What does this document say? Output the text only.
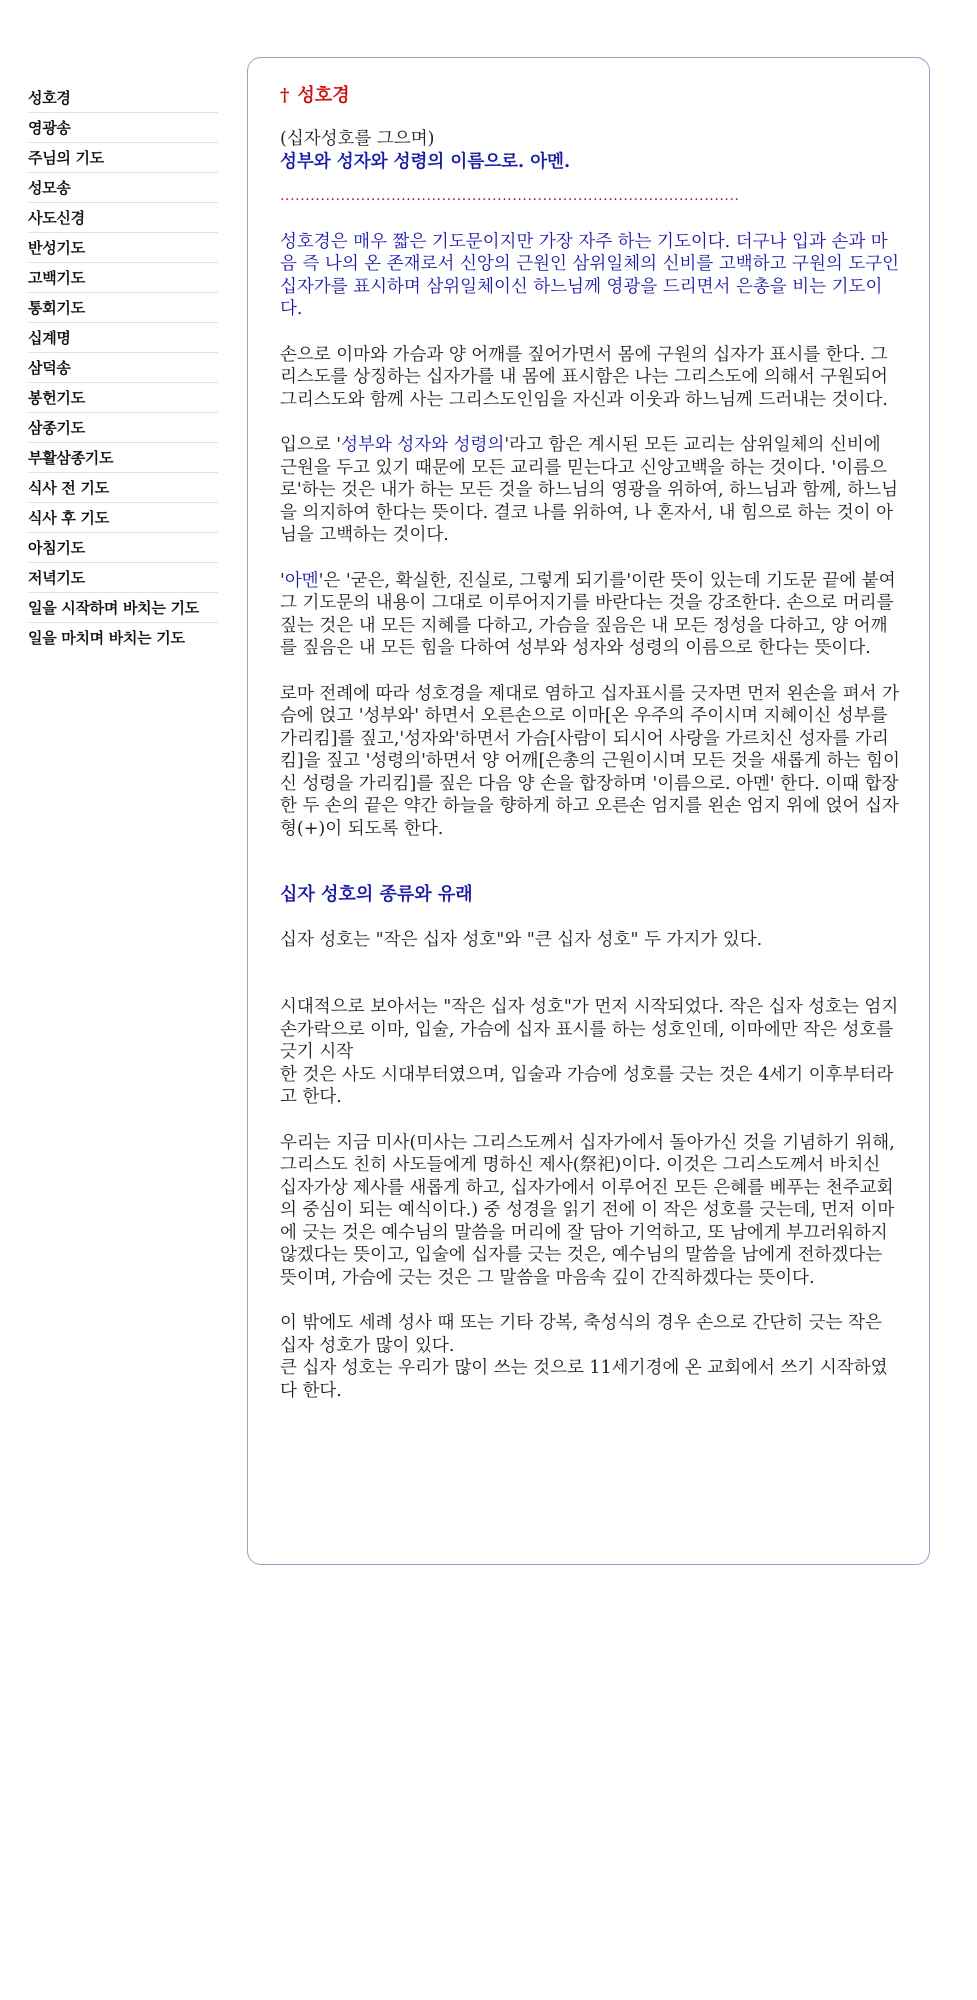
성호경
영광송
주님의 기도
성모송
사도신경
반성기도
고백기도
통회기도
십계명
삼덕송
봉헌기도
삼종기도
부활삼종기도
식사 전 기도
식사 후 기도
아침기도
저녁기도
일을 시작하며 바치는 기도
일을 마치며 바치는 기도

† 성호경

(십자성호를 그으며)

성부와 성자와 성령의 이름으로. 아멘.

...........................................................................................

성호경은 매우 짧은 기도문이지만 가장 자주 하는 기도이다. 더구나 입과 손과 마음 즉 나의 온 존재로서 신앙의 근원인 삼위일체의 신비를 고백하고 구원의 도구인 십자가를 표시하며 삼위일체이신 하느님께 영광을 드리면서 은총을 비는 기도이다.

손으로 이마와 가슴과 양 어깨를 짚어가면서 몸에 구원의 십자가 표시를 한다. 그리스도를 상징하는 십자가를 내 몸에 표시함은 나는 그리스도에 의해서 구원되어 그리스도와 함께 사는 그리스도인임을 자신과 이웃과 하느님께 드러내는 것이다.

입으로 '성부와 성자와 성령의'라고 함은 계시된 모든 교리는 삼위일체의 신비에 근원을 두고 있기 때문에 모든 교리를 믿는다고 신앙고백을 하는 것이다. '이름으로'하는 것은 내가 하는 모든 것을 하느님의 영광을 위하여, 하느님과 함께, 하느님을 의지하여 한다는 뜻이다. 결코 나를 위하여, 나 혼자서, 내 힘으로 하는 것이 아님을 고백하는 것이다.

'아멘'은 '굳은, 확실한, 진실로, 그렇게 되기를'이란 뜻이 있는데 기도문 끝에 붙여 그 기도문의 내용이 그대로 이루어지기를 바란다는 것을 강조한다. 손으로 머리를 짚는 것은 내 모든 지혜를 다하고, 가슴을 짚음은 내 모든 정성을 다하고, 양 어깨를 짚음은 내 모든 힘을 다하여 성부와 성자와 성령의 이름으로 한다는 뜻이다.

로마 전례에 따라 성호경을 제대로 염하고 십자표시를 긋자면 먼저 왼손을 펴서 가슴에 얹고 '성부와' 하면서 오른손으로 이마[온 우주의 주이시며 지혜이신 성부를 가리킴]를 짚고,'성자와'하면서 가슴[사람이 되시어 사랑을 가르치신 성자를 가리킴]을 짚고 '성령의'하면서 양 어깨[은총의 근원이시며 모든 것을 새롭게 하는 힘이신 성령을 가리킴]를 짚은 다음 양 손을 합장하며 '이름으로. 아멘' 한다. 이때 합장한 두 손의 끝은 약간 하늘을 향하게 하고 오른손 엄지를 왼손 엄지 위에 얹어 십자형(+)이 되도록 한다.

십자 성호의 종류와 유래

십자 성호는 "작은 십자 성호"와 "큰 십자 성호" 두 가지가 있다.

시대적으로 보아서는 "작은 십자 성호"가 먼저 시작되었다. 작은 십자 성호는 엄지손가락으로 이마, 입술, 가슴에 십자 표시를 하는 성호인데, 이마에만 작은 성호를 긋기 시작

한 것은 사도 시대부터였으며, 입술과 가슴에 성호를 긋는 것은 4세기 이후부터라고 한다.

우리는 지금 미사(미사는 그리스도께서 십자가에서 돌아가신 것을 기념하기 위해, 그리스도 친히 사도들에게 명하신 제사(祭祀)이다. 이것은 그리스도께서 바치신 십자가상 제사를 새롭게 하고, 십자가에서 이루어진 모든 은혜를 베푸는 천주교회의 중심이 되는 예식이다.) 중 성경을 읽기 전에 이 작은 성호를 긋는데, 먼저 이마에 긋는 것은 예수님의 말씀을 머리에 잘 담아 기억하고, 또 남에게 부끄러워하지 않겠다는 뜻이고, 입술에 십자를 긋는 것은, 예수님의 말씀을 남에게 전하겠다는 뜻이며, 가슴에 긋는 것은 그 말씀을 마음속 깊이 간직하겠다는 뜻이다.

이 밖에도 세례 성사 때 또는 기타 강복, 축성식의 경우 손으로 간단히 긋는 작은 십자 성호가 많이 있다.

큰 십자 성호는 우리가 많이 쓰는 것으로 11세기경에 온 교회에서 쓰기 시작하였다 한다.
